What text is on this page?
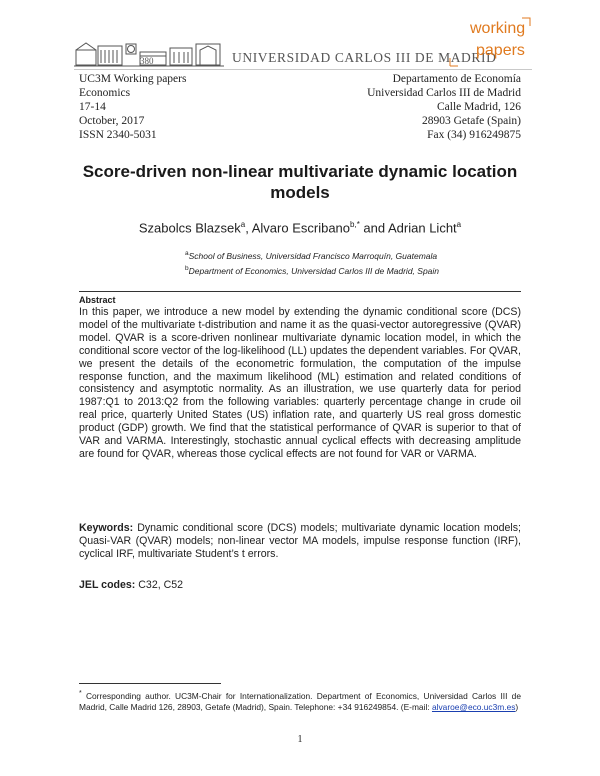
380	UNIVERSIDAD CARLOS III DE MADRID
working
papers
UC3M Working papers
Economics
17-14
October, 2017
ISSN 2340-5031
Departamento de Economía
Universidad Carlos III de Madrid
Calle Madrid, 126
28903 Getafe (Spain)
Fax (34) 916249875
Score-driven non-linear multivariate dynamic location
models
Szabolcs Blazsek$^a$, Alvaro Escribano$^{b,*}$ and Adrian Licht$^a$
$^a$School of Business, Universidad Francisco Marroquín, Guatemala
$^b$Department of Economics, Universidad Carlos III de Madrid, Spain
Abstract
In this paper, we introduce a new model by extending the dynamic conditional score (DCS) model of the multivariate t-distribution and name it as the quasi-vector autoregressive (QVAR) model. QVAR is a score-driven nonlinear multivariate dynamic location model, in which the conditional score vector of the log-likelihood (LL) updates the dependent variables. For QVAR, we present the details of the econometric formulation, the computation of the impulse response function, and the maximum likelihood (ML) estimation and related conditions of consistency and asymptotic normality. As an illustration, we use quarterly data for period 1987:Q1 to 2013:Q2 from the following variables: quarterly percentage change in crude oil real price, quarterly United States (US) inflation rate, and quarterly US real gross domestic product (GDP) growth. We find that the statistical performance of QVAR is superior to that of VAR and VARMA. Interestingly, stochastic annual cyclical effects with decreasing amplitude are found for QVAR, whereas those cyclical effects are not found for VAR or VARMA.
Keywords: Dynamic conditional score (DCS) models; multivariate dynamic location models; Quasi-VAR (QVAR) models; non-linear vector MA models, impulse response function (IRF), cyclical IRF, multivariate Student’s t errors.
JEL codes: C32, C52
* Corresponding author. UC3M-Chair for Internationalization. Department of Economics, Universidad Carlos III de Madrid, Calle Madrid 126, 28903, Getafe (Madrid), Spain. Telephone: +34 916249854. (E-mail: alvaroe@eco.uc3m.es)
1
